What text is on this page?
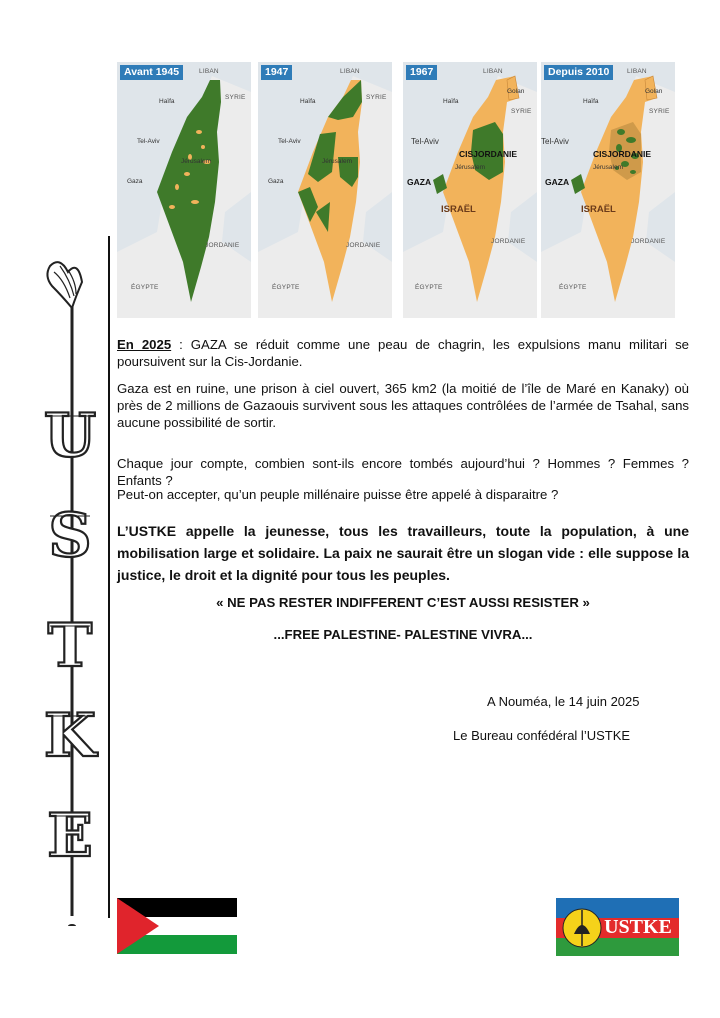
Avant 1945	LIBAN
SYRIE
Haïfa
Tel-Aviv
Jérusalem
Gaza
JORDANIE
ÉGYPTE
1947	LIBAN
SYRIE
Haïfa
Tel-Aviv
Jérusalem
Gaza
JORDANIE
ÉGYPTE
1967	LIBAN
Golan
SYRIE
Haïfa
Tel-Aviv
CISJORDANIE
Jérusalem
GAZA
ISRAËL
JORDANIE
ÉGYPTE
Depuis 2010	LIBAN
Golan
SYRIE
Haïfa
Tel-Aviv
CISJORDANIE
Jérusalem
GAZA
ISRAËL
JORDANIE
ÉGYPTE
U
S
T
K
E
En 2025 : GAZA se réduit comme une peau de chagrin, les expulsions manu militari se poursuivent sur la Cis-Jordanie.
Gaza est en ruine, une prison à ciel ouvert, 365 km2 (la moitié de l’île de Maré en Kanaky) où près de 2 millions de Gazaouis survivent sous les attaques contrôlées de l’armée de Tsahal, sans aucune possibilité de sortir.
Chaque jour compte, combien sont-ils encore tombés aujourd’hui ? Hommes ? Femmes ? Enfants ?
Peut-on accepter, qu’un peuple millénaire puisse être appelé à disparaitre ?
L’USTKE appelle la jeunesse, tous les travailleurs, toute la population, à une mobilisation large et solidaire. La paix ne saurait être un slogan vide : elle suppose la justice, le droit et la dignité pour tous les peuples.
« NE PAS RESTER INDIFFERENT C’EST AUSSI RESISTER »
...FREE PALESTINE- PALESTINE VIVRA...
A Nouméa, le 14 juin 2025
Le Bureau confédéral l’USTKE
USTKE
